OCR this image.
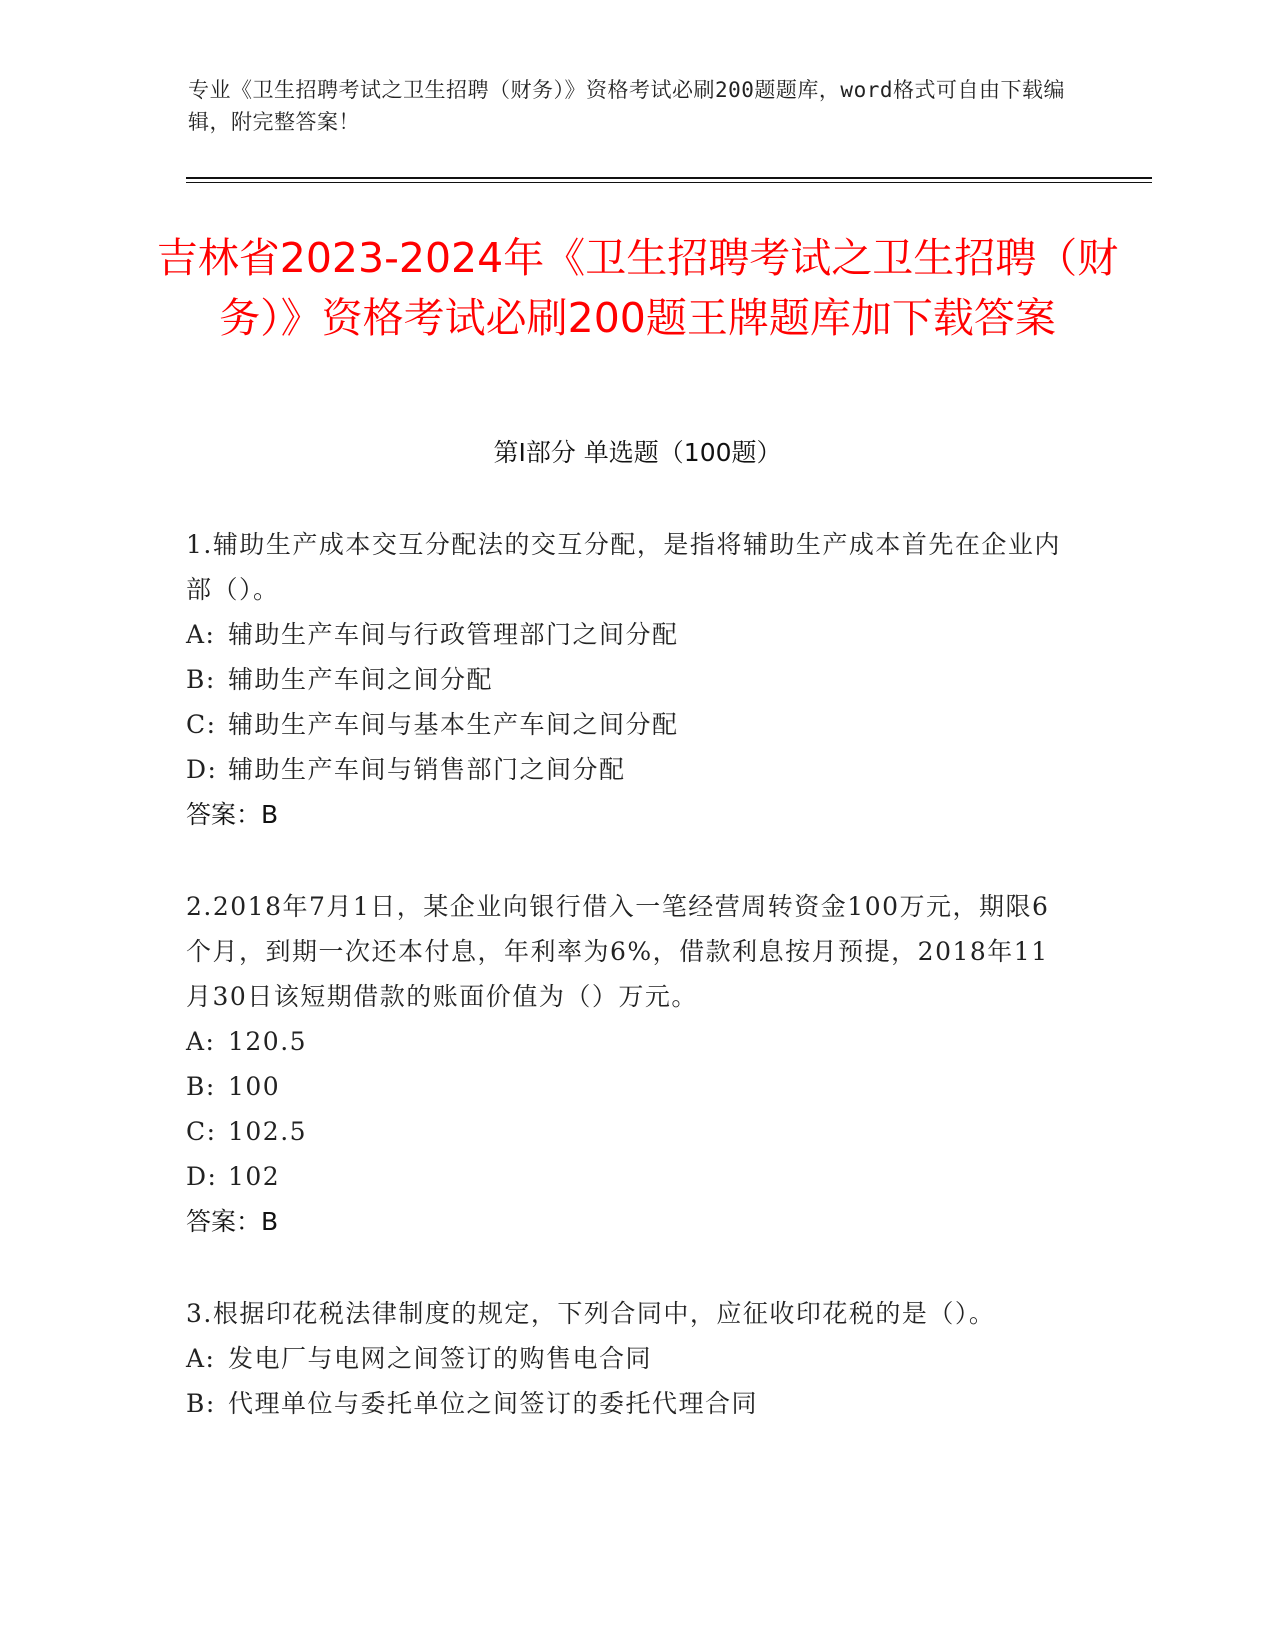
专业《卫生招聘考试之卫生招聘（财务）》资格考试必刷200题题库，word格式可自由下载编辑，附完整答案！
吉林省2023-2024年《卫生招聘考试之卫生招聘（财务）》资格考试必刷200题王牌题库加下载答案
第I部分 单选题（100题）

1.辅助生产成本交互分配法的交互分配，是指将辅助生产成本首先在企业内部（）。

A: 辅助生产车间与行政管理部门之间分配

B: 辅助生产车间之间分配

C: 辅助生产车间与基本生产车间之间分配

D: 辅助生产车间与销售部门之间分配

答案：B

2.2018年7月1日，某企业向银行借入一笔经营周转资金100万元，期限6个月，到期一次还本付息，年利率为6%，借款利息按月预提，2018年11月30日该短期借款的账面价值为（）万元。

A: 120.5

B: 100

C: 102.5

D: 102

答案：B

3.根据印花税法律制度的规定，下列合同中，应征收印花税的是（）。

A: 发电厂与电网之间签订的购售电合同

B: 代理单位与委托单位之间签订的委托代理合同
